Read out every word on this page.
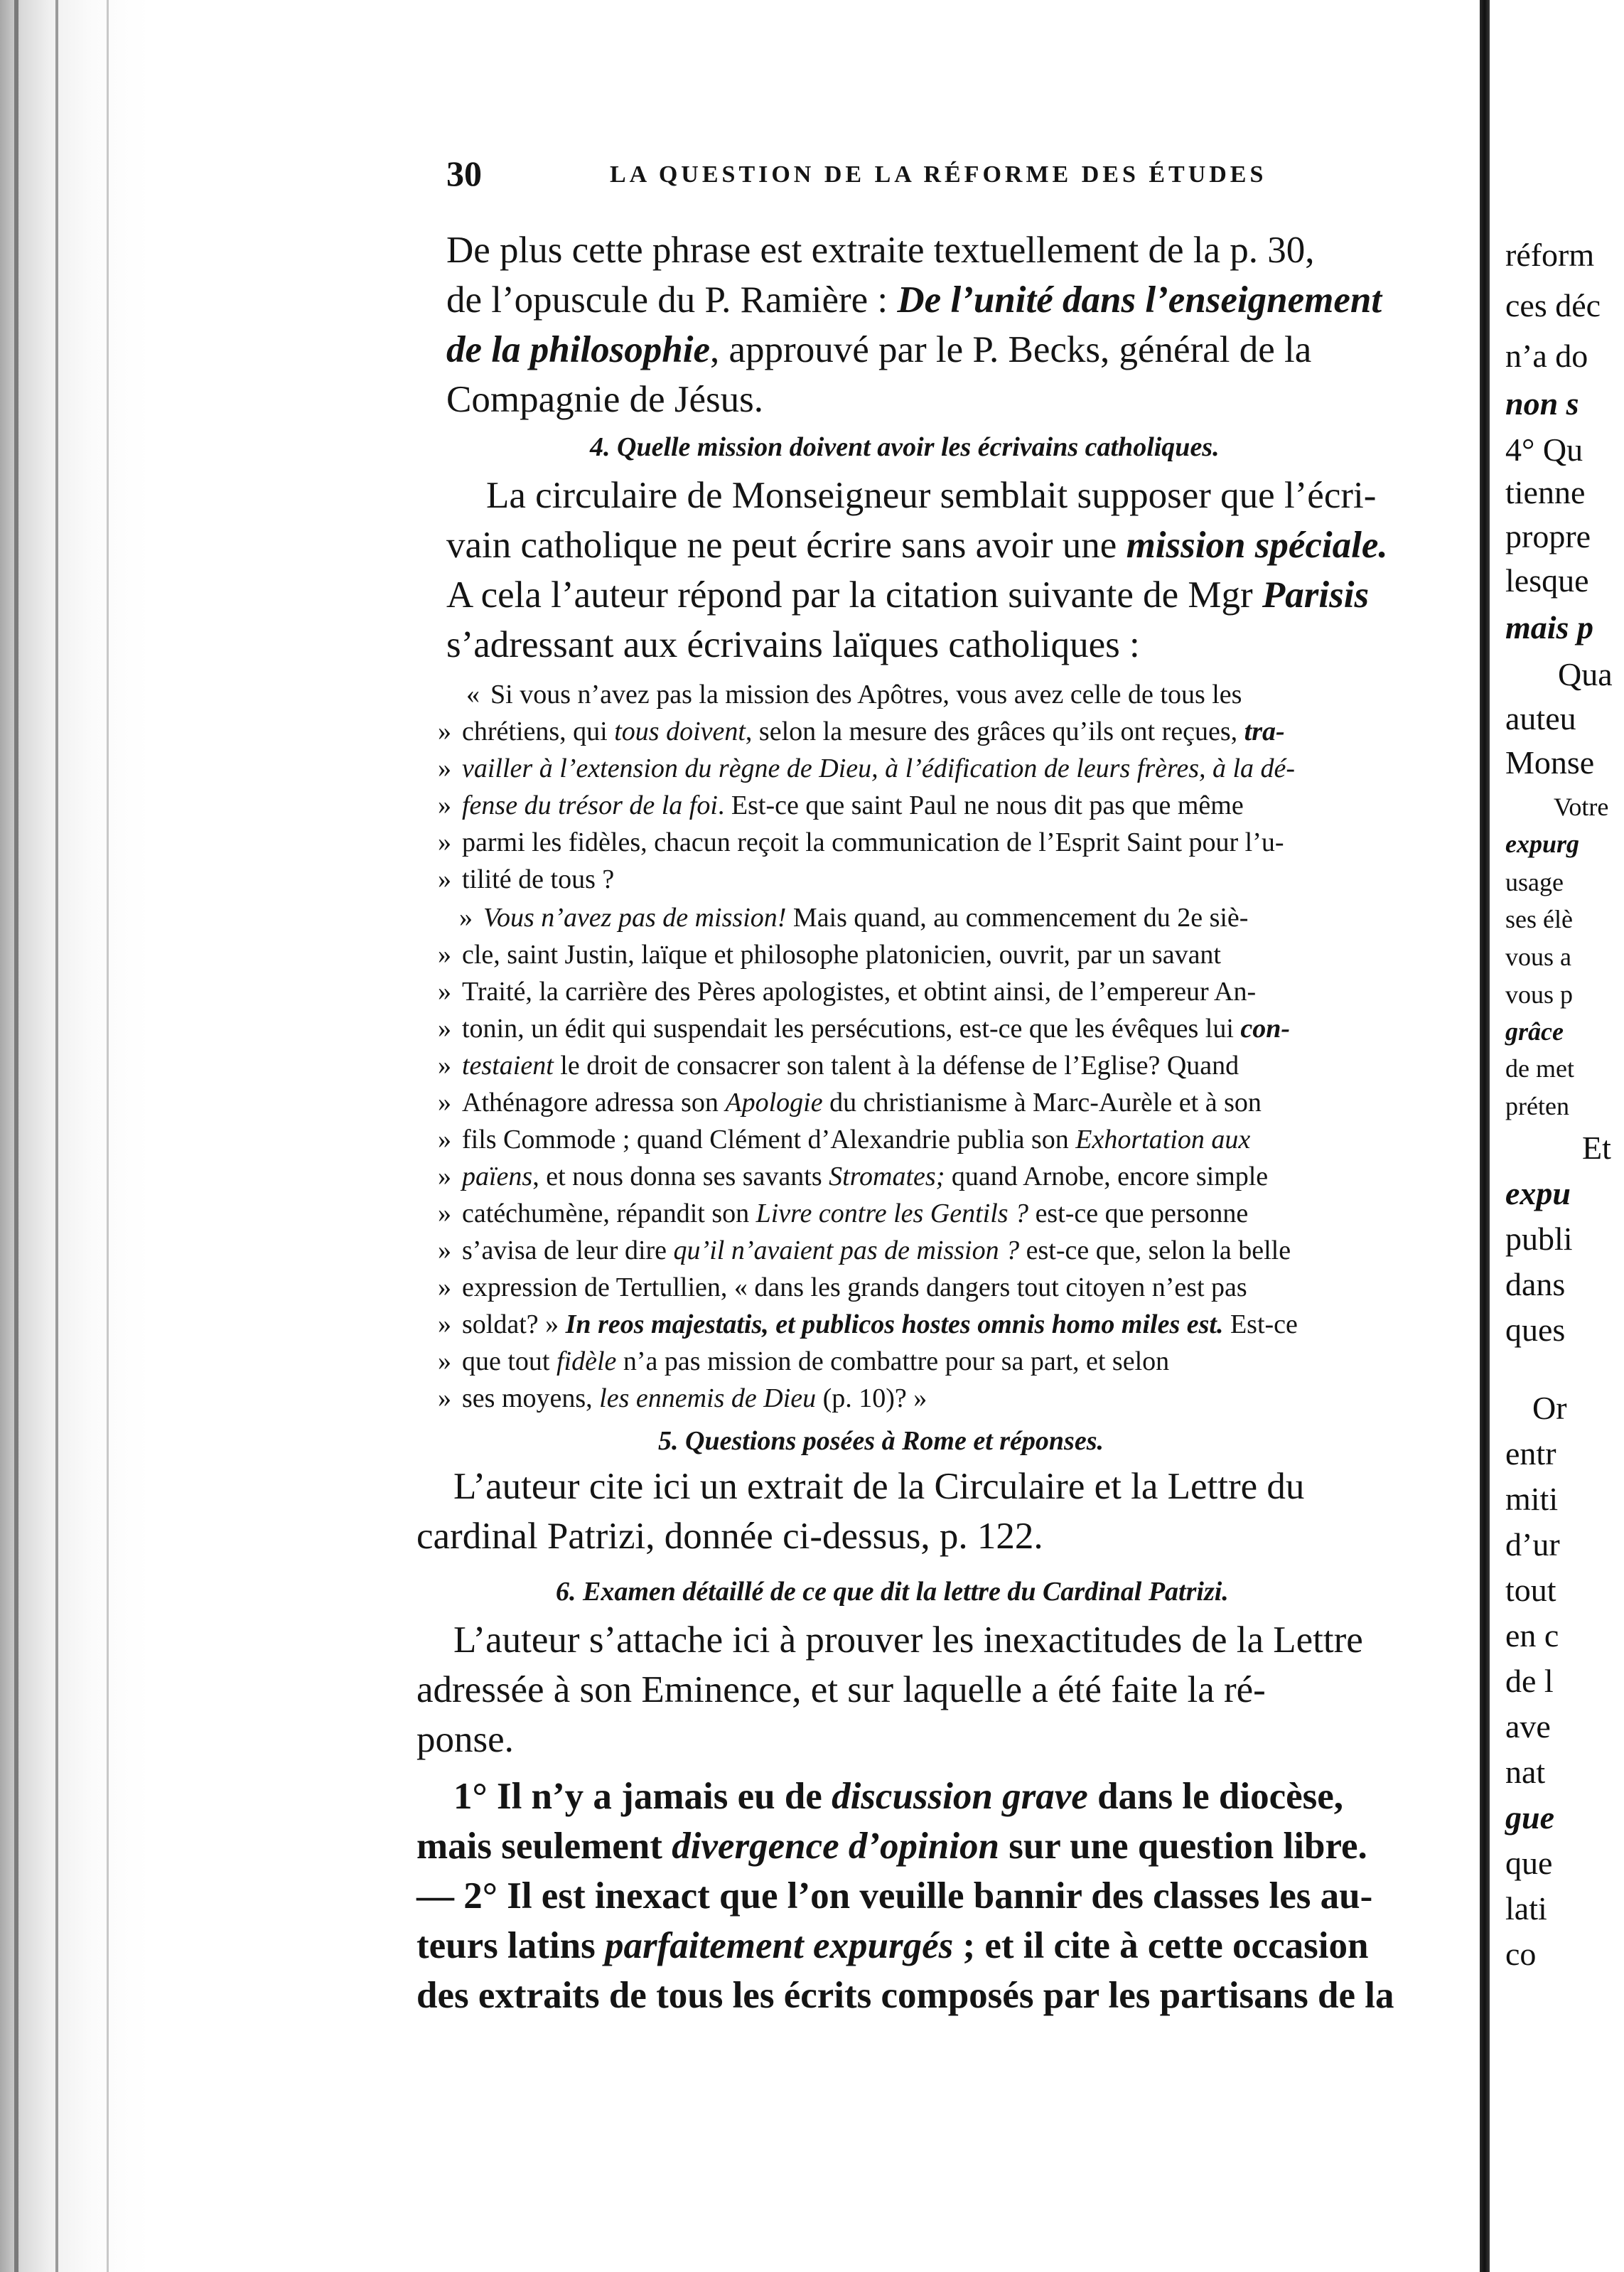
réform
ces déc
n’a do
non s
4° Qu
tienne
propre
lesque
mais p
Qua
auteu
Monse
Votre
expurg
usage
ses élè
vous a
vous p
grâce
de met
préten
Et
expu
publi
dans
ques
Or
entr
miti
d’ur
tout
en c
de l
ave
nat
gue
que
lati
co
30	LA QUESTION DE LA RÉFORME DES ÉTUDES
De plus cette phrase est extraite textuellement de la p. 30,
de l’opuscule du P. Ramière : De l’unité dans l’enseignement
de la philosophie, approuvé par le P. Becks, général de la
Compagnie de Jésus.
4. Quelle mission doivent avoir les écrivains catholiques.
La circulaire de Monseigneur semblait supposer que l’écri-
vain catholique ne peut écrire sans avoir une mission spéciale.
A cela l’auteur répond par la citation suivante de Mgr Parisis
s’adressant aux écrivains laïques catholiques :
« Si vous n’avez pas la mission des Apôtres, vous avez celle de tous les
» chrétiens, qui tous doivent, selon la mesure des grâces qu’ils ont reçues, tra-
» vailler à l’extension du règne de Dieu, à l’édification de leurs frères, à la dé-
» fense du trésor de la foi. Est-ce que saint Paul ne nous dit pas que même
» parmi les fidèles, chacun reçoit la communication de l’Esprit Saint pour l’u-
» tilité de tous ?
» Vous n’avez pas de mission! Mais quand, au commencement du 2e siè-
» cle, saint Justin, laïque et philosophe platonicien, ouvrit, par un savant
» Traité, la carrière des Pères apologistes, et obtint ainsi, de l’empereur An-
» tonin, un édit qui suspendait les persécutions, est-ce que les évêques lui con-
» testaient le droit de consacrer son talent à la défense de l’Eglise? Quand
» Athénagore adressa son Apologie du christianisme à Marc-Aurèle et à son
» fils Commode ; quand Clément d’Alexandrie publia son Exhortation aux
» païens, et nous donna ses savants Stromates; quand Arnobe, encore simple
» catéchumène, répandit son Livre contre les Gentils ? est-ce que personne
» s’avisa de leur dire qu’il n’avaient pas de mission ? est-ce que, selon la belle
» expression de Tertullien, « dans les grands dangers tout citoyen n’est pas
» soldat? » In reos majestatis, et publicos hostes omnis homo miles est. Est-ce
» que tout fidèle n’a pas mission de combattre pour sa part, et selon
» ses moyens, les ennemis de Dieu (p. 10)? »
5. Questions posées à Rome et réponses.
L’auteur cite ici un extrait de la Circulaire et la Lettre du
cardinal Patrizi, donnée ci-dessus, p. 122.
6. Examen détaillé de ce que dit la lettre du Cardinal Patrizi.
L’auteur s’attache ici à prouver les inexactitudes de la Lettre
adressée à son Eminence, et sur laquelle a été faite la ré-
ponse.
1° Il n’y a jamais eu de discussion grave dans le diocèse,
mais seulement divergence d’opinion sur une question libre.
— 2° Il est inexact que l’on veuille bannir des classes les au-
teurs latins parfaitement expurgés ; et il cite à cette occasion
des extraits de tous les écrits composés par les partisans de la
